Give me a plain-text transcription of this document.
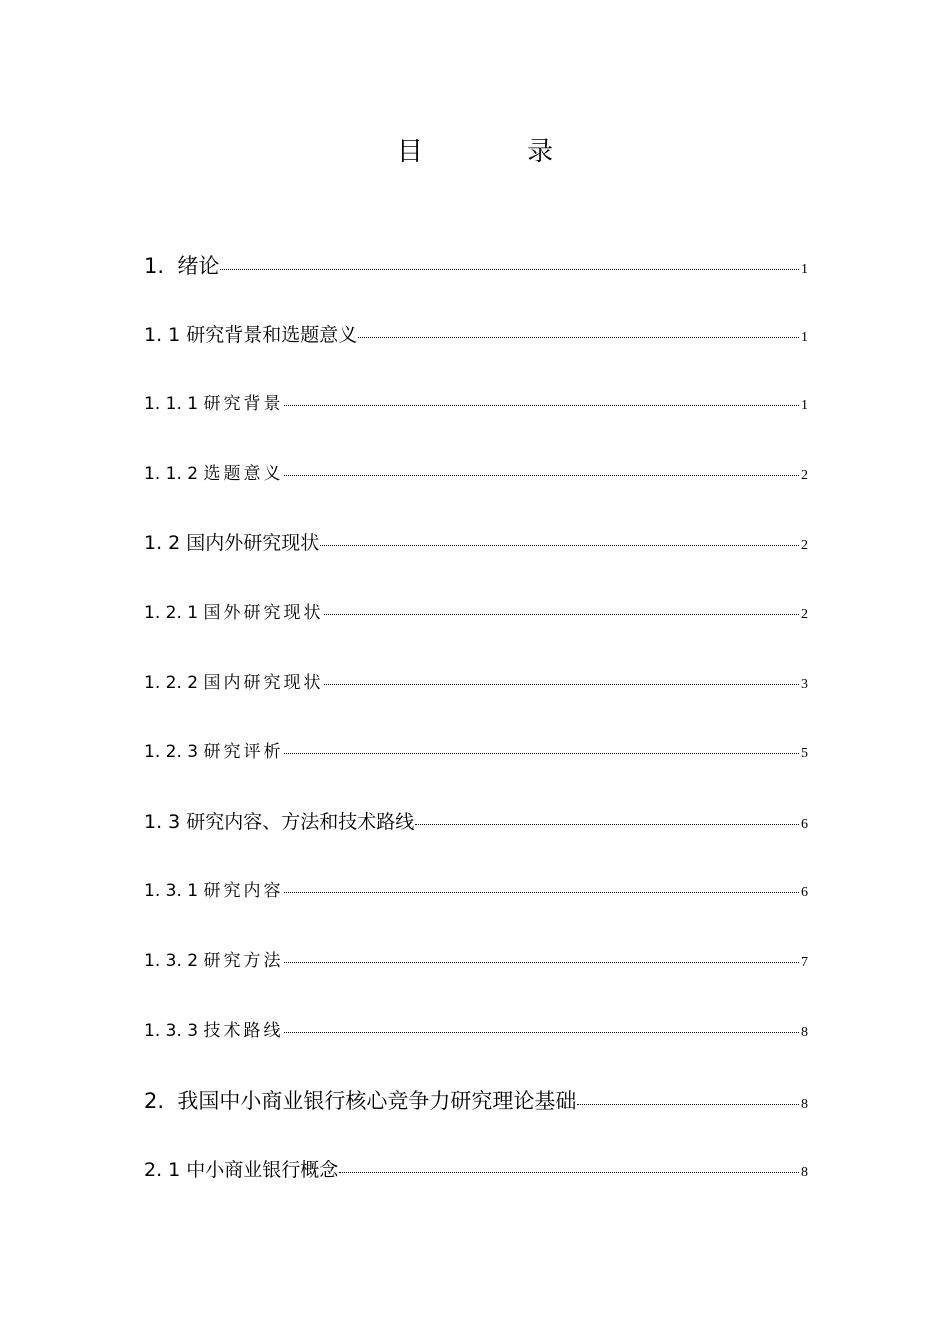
目 录
1. 绪论	1
1. 1 研究背景和选题意义	1
1. 1. 1 研究背景	1
1. 1. 2 选题意义	2
1. 2 国内外研究现状	2
1. 2. 1 国外研究现状	2
1. 2. 2 国内研究现状	3
1. 2. 3 研究评析	5
1. 3 研究内容、方法和技术路线	6
1. 3. 1 研究内容	6
1. 3. 2 研究方法	7
1. 3. 3 技术路线	8
2. 我国中小商业银行核心竞争力研究理论基础	8
2. 1 中小商业银行概念	8
